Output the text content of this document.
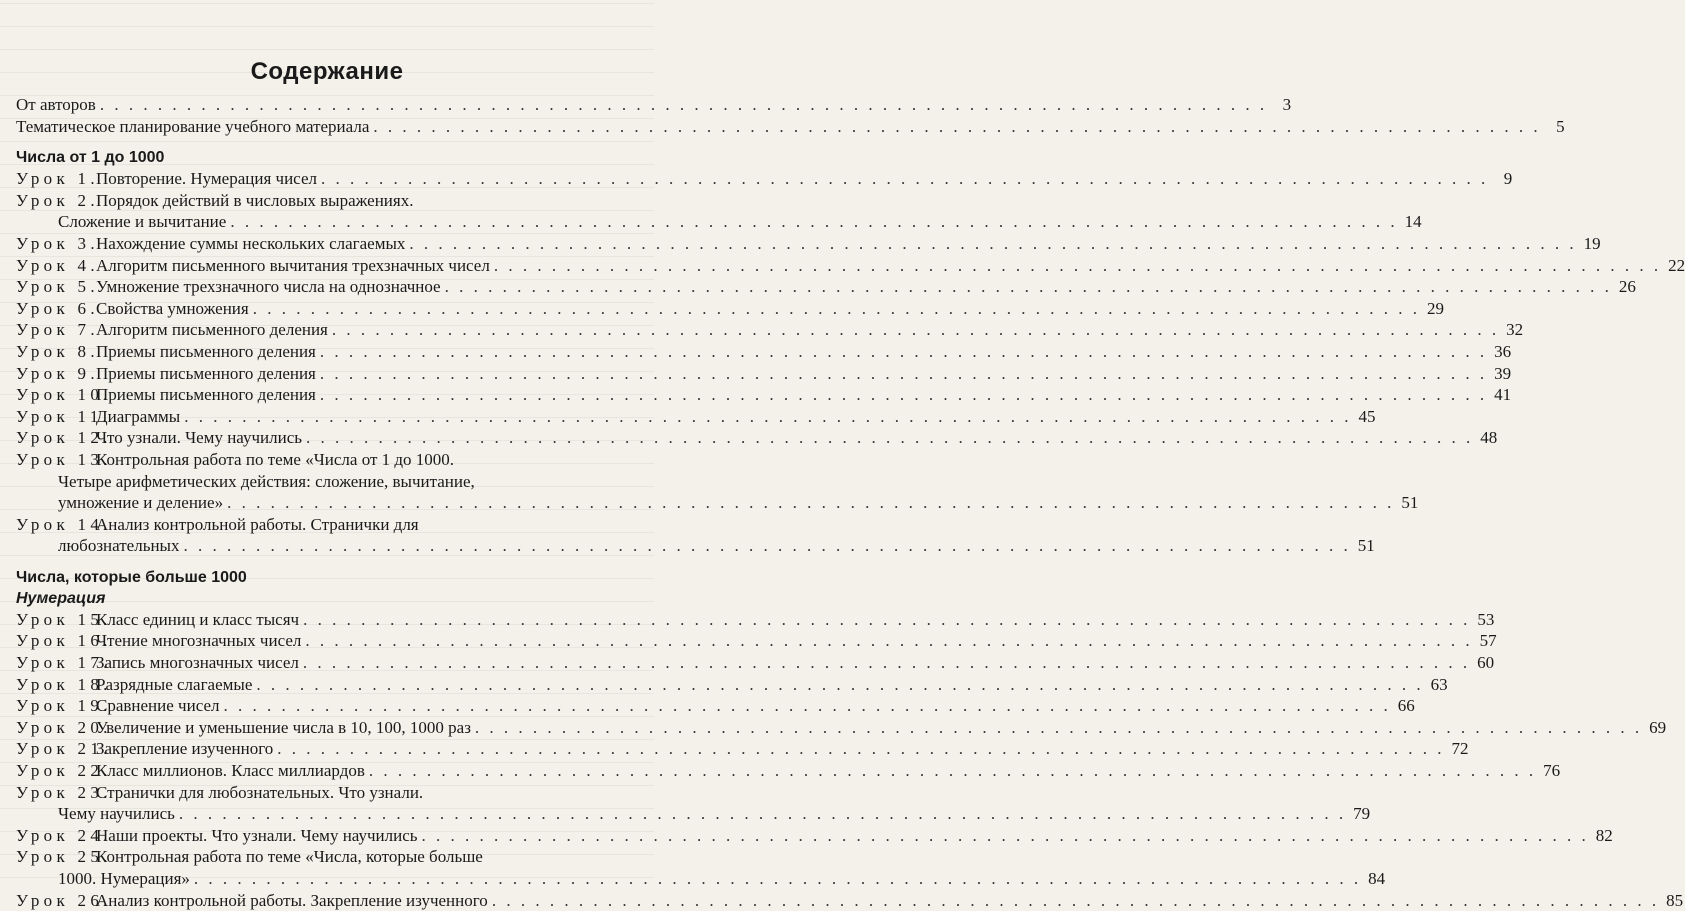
Содержание
От авторов . . . . . . . . . . . . . . . . . . . . . . . . . . . . . . . . . . . . . . . . . . . . . . . . . . . . . . . . . . . . . . . . . . . . . . . . . . . . . . . . . 3
Тематическое планирование учебного материала . . . . . . . . . . . . . . . . . . . . . . . . . . . . . . . . . . . . . . . . . . . . . . . . . . . . . . . . . . . . . . . . . . . . . . . . . . . . . . . . . 5
Числа от 1 до 1000
Урок 1.
Повторение. Нумерация чисел . . . . . . . . . . . . . . . . . . . . . . . . . . . . . . . . . . . . . . . . . . . . . . . . . . . . . . . . . . . . . . . . . . . . . . . . . . . . . . . . . 9
Урок 2.
Порядок действий в числовых выражениях.
Сложение и вычитание . . . . . . . . . . . . . . . . . . . . . . . . . . . . . . . . . . . . . . . . . . . . . . . . . . . . . . . . . . . . . . . . . . . . . . . . . . . . . . . . . 14
Урок 3.
Нахождение суммы нескольких слагаемых . . . . . . . . . . . . . . . . . . . . . . . . . . . . . . . . . . . . . . . . . . . . . . . . . . . . . . . . . . . . . . . . . . . . . . . . . . . . . . . . . 19
Урок 4.
Алгоритм письменного вычитания трехзначных чисел . . . . . . . . . . . . . . . . . . . . . . . . . . . . . . . . . . . . . . . . . . . . . . . . . . . . . . . . . . . . . . . . . . . . . . . . . . . . . . . . . 22
Урок 5.
Умножение трехзначного числа на однозначное . . . . . . . . . . . . . . . . . . . . . . . . . . . . . . . . . . . . . . . . . . . . . . . . . . . . . . . . . . . . . . . . . . . . . . . . . . . . . . . . . 26
Урок 6.
Свойства умножения . . . . . . . . . . . . . . . . . . . . . . . . . . . . . . . . . . . . . . . . . . . . . . . . . . . . . . . . . . . . . . . . . . . . . . . . . . . . . . . . . 29
Урок 7.
Алгоритм письменного деления . . . . . . . . . . . . . . . . . . . . . . . . . . . . . . . . . . . . . . . . . . . . . . . . . . . . . . . . . . . . . . . . . . . . . . . . . . . . . . . . . 32
Урок 8.
Приемы письменного деления . . . . . . . . . . . . . . . . . . . . . . . . . . . . . . . . . . . . . . . . . . . . . . . . . . . . . . . . . . . . . . . . . . . . . . . . . . . . . . . . . 36
Урок 9.
Приемы письменного деления . . . . . . . . . . . . . . . . . . . . . . . . . . . . . . . . . . . . . . . . . . . . . . . . . . . . . . . . . . . . . . . . . . . . . . . . . . . . . . . . . 39
Урок 10.
Приемы письменного деления . . . . . . . . . . . . . . . . . . . . . . . . . . . . . . . . . . . . . . . . . . . . . . . . . . . . . . . . . . . . . . . . . . . . . . . . . . . . . . . . . 41
Урок 11.
Диаграммы . . . . . . . . . . . . . . . . . . . . . . . . . . . . . . . . . . . . . . . . . . . . . . . . . . . . . . . . . . . . . . . . . . . . . . . . . . . . . . . . . 45
Урок 12.
Что узнали. Чему научились . . . . . . . . . . . . . . . . . . . . . . . . . . . . . . . . . . . . . . . . . . . . . . . . . . . . . . . . . . . . . . . . . . . . . . . . . . . . . . . . . 48
Урок 13.
Контрольная работа по теме «Числа от 1 до 1000.
Четыре арифметических действия: сложение, вычитание,
умножение и деление» . . . . . . . . . . . . . . . . . . . . . . . . . . . . . . . . . . . . . . . . . . . . . . . . . . . . . . . . . . . . . . . . . . . . . . . . . . . . . . . . . 51
Урок 14.
Анализ контрольной работы. Странички для
любознательных . . . . . . . . . . . . . . . . . . . . . . . . . . . . . . . . . . . . . . . . . . . . . . . . . . . . . . . . . . . . . . . . . . . . . . . . . . . . . . . . . 51
Числа, которые больше 1000
Нумерация
Урок 15.
Класс единиц и класс тысяч . . . . . . . . . . . . . . . . . . . . . . . . . . . . . . . . . . . . . . . . . . . . . . . . . . . . . . . . . . . . . . . . . . . . . . . . . . . . . . . . . 53
Урок 16.
Чтение многозначных чисел . . . . . . . . . . . . . . . . . . . . . . . . . . . . . . . . . . . . . . . . . . . . . . . . . . . . . . . . . . . . . . . . . . . . . . . . . . . . . . . . . 57
Урок 17.
Запись многозначных чисел . . . . . . . . . . . . . . . . . . . . . . . . . . . . . . . . . . . . . . . . . . . . . . . . . . . . . . . . . . . . . . . . . . . . . . . . . . . . . . . . . 60
Урок 18.
Разрядные слагаемые . . . . . . . . . . . . . . . . . . . . . . . . . . . . . . . . . . . . . . . . . . . . . . . . . . . . . . . . . . . . . . . . . . . . . . . . . . . . . . . . . 63
Урок 19.
Сравнение чисел . . . . . . . . . . . . . . . . . . . . . . . . . . . . . . . . . . . . . . . . . . . . . . . . . . . . . . . . . . . . . . . . . . . . . . . . . . . . . . . . . 66
Урок 20.
Увеличение и уменьшение числа в 10, 100, 1000 раз . . . . . . . . . . . . . . . . . . . . . . . . . . . . . . . . . . . . . . . . . . . . . . . . . . . . . . . . . . . . . . . . . . . . . . . . . . . . . . . . . 69
Урок 21.
Закрепление изученного . . . . . . . . . . . . . . . . . . . . . . . . . . . . . . . . . . . . . . . . . . . . . . . . . . . . . . . . . . . . . . . . . . . . . . . . . . . . . . . . . 72
Урок 22.
Класс миллионов. Класс миллиардов . . . . . . . . . . . . . . . . . . . . . . . . . . . . . . . . . . . . . . . . . . . . . . . . . . . . . . . . . . . . . . . . . . . . . . . . . . . . . . . . . 76
Урок 23.
Странички для любознательных. Что узнали.
Чему научились . . . . . . . . . . . . . . . . . . . . . . . . . . . . . . . . . . . . . . . . . . . . . . . . . . . . . . . . . . . . . . . . . . . . . . . . . . . . . . . . . 79
Урок 24.
Наши проекты. Что узнали. Чему научились . . . . . . . . . . . . . . . . . . . . . . . . . . . . . . . . . . . . . . . . . . . . . . . . . . . . . . . . . . . . . . . . . . . . . . . . . . . . . . . . . 82
Урок 25.
Контрольная работа по теме «Числа, которые больше
1000. Нумерация» . . . . . . . . . . . . . . . . . . . . . . . . . . . . . . . . . . . . . . . . . . . . . . . . . . . . . . . . . . . . . . . . . . . . . . . . . . . . . . . . . 84
Урок 26.
Анализ контрольной работы. Закрепление изученного . . . . . . . . . . . . . . . . . . . . . . . . . . . . . . . . . . . . . . . . . . . . . . . . . . . . . . . . . . . . . . . . . . . . . . . . . . . . . . . . . 85
